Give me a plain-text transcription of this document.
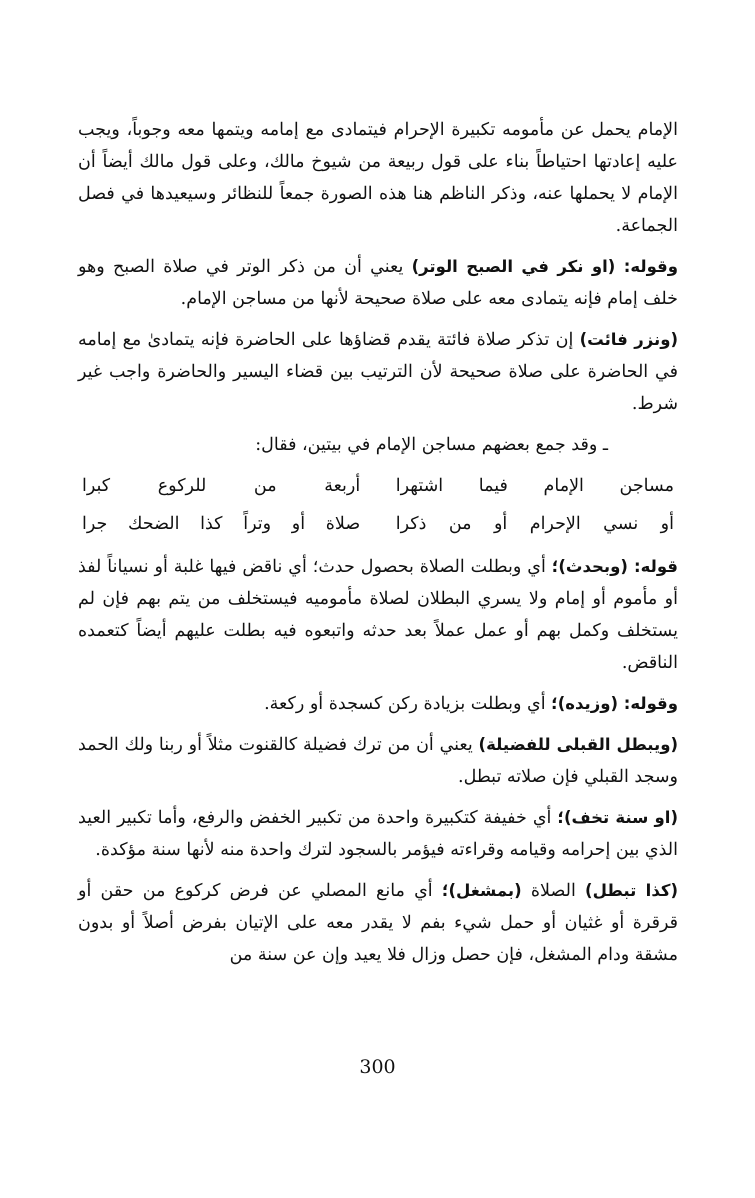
الإمام يحمل عن مأمومه تكبيرة الإحرام فيتمادى مع إمامه ويتمها معه وجوباً، ويجب عليه إعادتها احتياطاً بناء على قول ربيعة من شيوخ مالك، وعلى قول مالك أيضاً أن الإمام لا يحملها عنه، وذكر الناظم هنا هذه الصورة جمعاً للنظائر وسيعيدها في فصل الجماعة.

وقوله: (او نكر في الصبح الوتر) يعني أن من ذكر الوتر في صلاة الصبح وهو خلف إمام فإنه يتمادى معه على صلاة صحيحة لأنها من مساجن الإمام.

(ونزر فائت) إن تذكر صلاة فائتة يقدم قضاؤها على الحاضرة فإنه يتمادىٰ مع إمامه في الحاضرة على صلاة صحيحة لأن الترتيب بين قضاء اليسير والحاضرة واجب غير شرط.

ـ وقد جمع بعضهم مساجن الإمام في بيتين، فقال:

مساجن الإمام فيما اشتهرا
أربعة من للركوع كبرا
أو نسي الإحرام أو من ذكرا
صلاة أو وتراً كذا الضحك جرا

قوله: (وبحدث)؛ أي وبطلت الصلاة بحصول حدث؛ أي ناقض فيها غلبة أو نسياناً لفذ أو مأموم أو إمام ولا يسري البطلان لصلاة مأموميه فيستخلف من يتم بهم فإن لم يستخلف وكمل بهم أو عمل عملاً بعد حدثه واتبعوه فيه بطلت عليهم أيضاً كتعمده الناقض.

وقوله: (وزيده)؛ أي وبطلت بزيادة ركن كسجدة أو ركعة.

(ويبطل القبلى للفضيلة) يعني أن من ترك فضيلة كالقنوت مثلاً أو ربنا ولك الحمد وسجد القبلي فإن صلاته تبطل.

(او سنة تخف)؛ أي خفيفة كتكبيرة واحدة من تكبير الخفض والرفع، وأما تكبير العيد الذي بين إحرامه وقيامه وقراءته فيؤمر بالسجود لترك واحدة منه لأنها سنة مؤكدة.

(كذا تبطل) الصلاة (بمشغل)؛ أي مانع المصلي عن فرض كركوع من حقن أو قرقرة أو غثيان أو حمل شيء بفم لا يقدر معه على الإتيان بفرض أصلاً أو بدون مشقة ودام المشغل، فإن حصل وزال فلا يعيد وإن عن سنة من

300
